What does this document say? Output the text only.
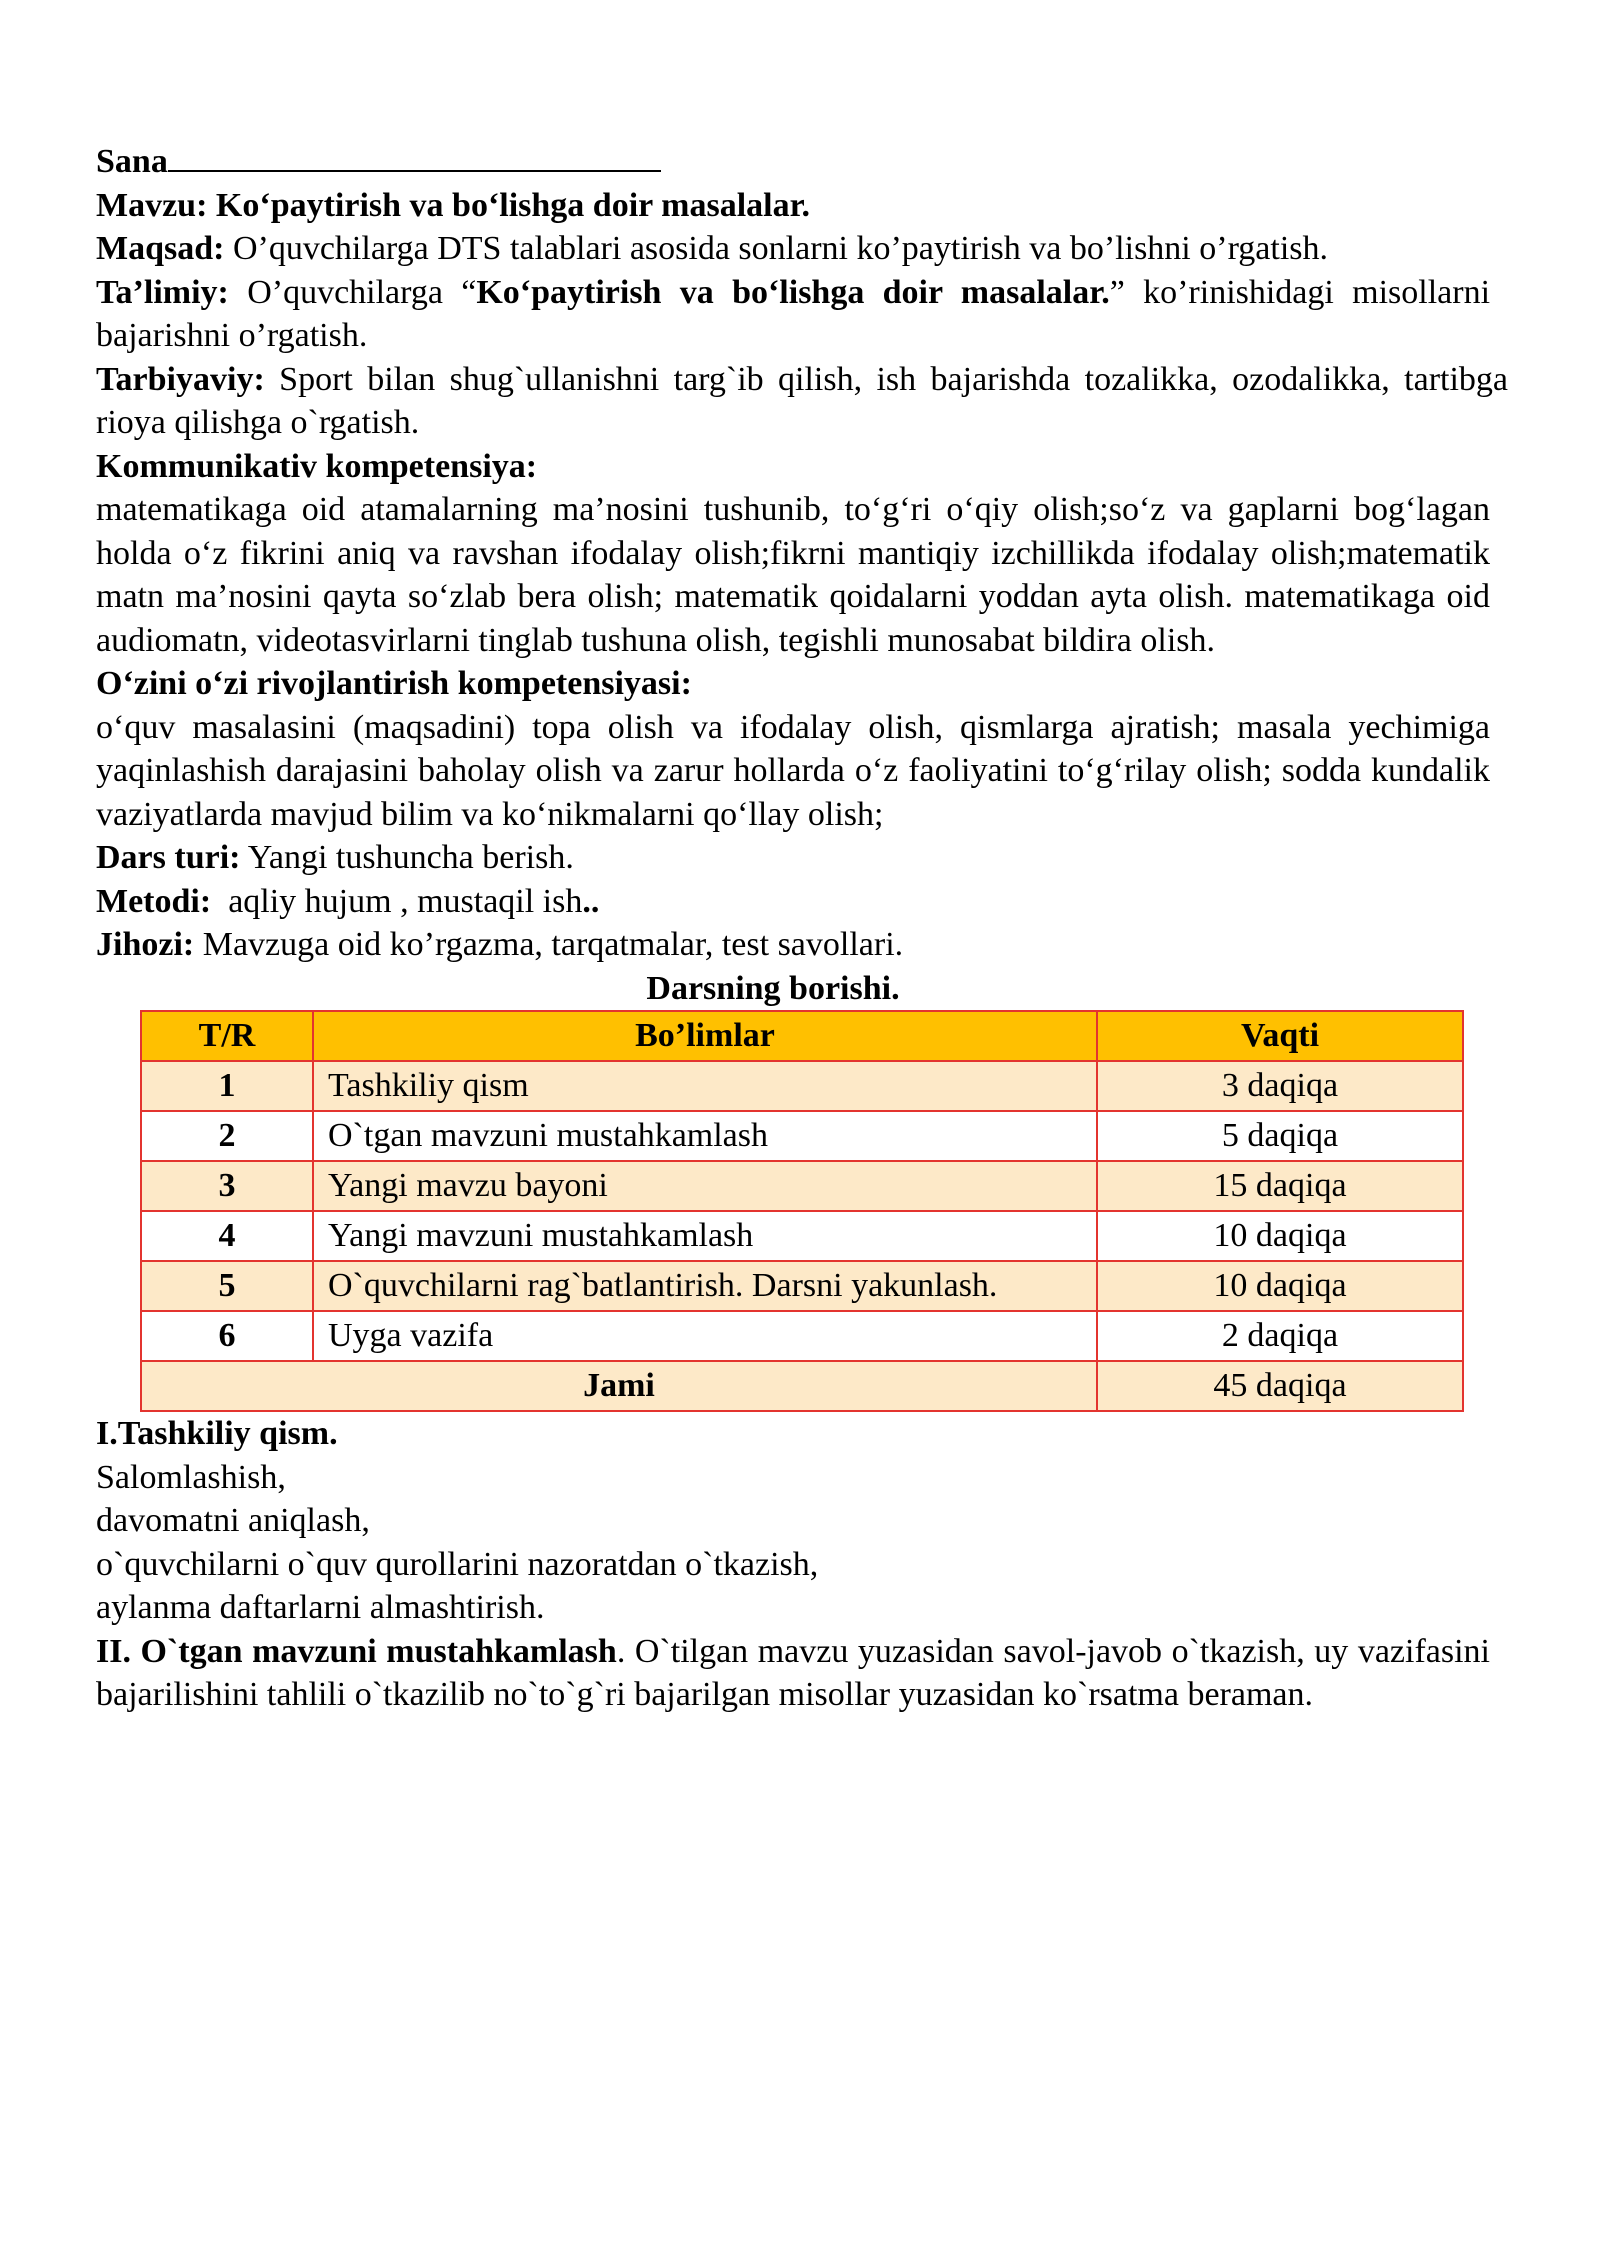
Sana

Mavzu: Ko‘paytirish va bo‘lishga doir masalalar.

Maqsad: O’quvchilarga DTS talablari asosida sonlarni ko’paytirish va bo’lishni o’rgatish.

Ta’limiy: O’quvchilarga “Ko‘paytirish va bo‘lishga doir masalalar.” ko’rinishidagi misollarni bajarishni o’rgatish.

Tarbiyaviy: Sport bilan shug`ullanishni targ`ib qilish, ish bajarishda tozalikka, ozodalikka, tartibga rioya qilishga o`rgatish.

Kommunikativ kompetensiya:

matematikaga oid atamalarning ma’nosini tushunib, to‘g‘ri o‘qiy olish;so‘z va gaplarni bog‘lagan holda o‘z fikrini aniq va ravshan ifodalay olish;fikrni mantiqiy izchillikda ifodalay olish;matematik matn ma’nosini qayta so‘zlab bera olish; matematik qoidalarni yoddan ayta olish. matematikaga oid audiomatn, videotasvirlarni tinglab tushuna olish, tegishli munosabat bildira olish.

O‘zini o‘zi rivojlantirish kompetensiyasi:

o‘quv masalasini (maqsadini) topa olish va ifodalay olish, qismlarga ajratish; masala yechimiga yaqinlashish darajasini baholay olish va zarur hollarda o‘z faoliyatini to‘g‘rilay olish; sodda kundalik vaziyatlarda mavjud bilim va ko‘nikmalarni qo‘llay olish;

Dars turi: Yangi tushuncha berish.

Metodi: aqliy hujum , mustaqil ish..

Jihozi: Mavzuga oid ko’rgazma, tarqatmalar, test savollari.

Darsning borishi.

T/R	Bo’limlar	Vaqti
1	Tashkiliy qism	3 daqiqa
2	O`tgan mavzuni mustahkamlash	5 daqiqa
3	Yangi mavzu bayoni	15 daqiqa
4	Yangi mavzuni mustahkamlash	10 daqiqa
5	O`quvchilarni rag`batlantirish. Darsni yakunlash.	10 daqiqa
6	Uyga vazifa	2 daqiqa
Jami		45 daqiqa

I.Tashkiliy qism.

Salomlashish,

davomatni aniqlash,

o`quvchilarni o`quv qurollarini nazoratdan o`tkazish,

aylanma daftarlarni almashtirish.

II. O`tgan mavzuni mustahkamlash. O`tilgan mavzu yuzasidan savol-javob o`tkazish, uy vazifasini bajarilishini tahlili o`tkazilib no`to`g`ri bajarilgan misollar yuzasidan ko`rsatma beraman.
